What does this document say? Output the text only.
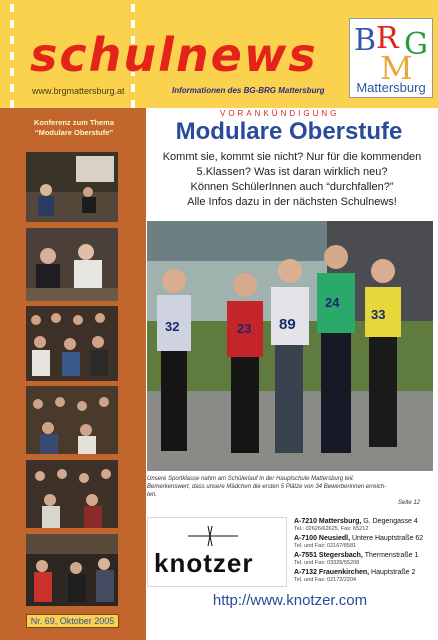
schulnews
www.brgmattersburg.at	Informationen des BG-BRG Mattersburg
B R G
M
Mattersburg
Konferenz zum Thema “Modulare Oberstufe”
Nr. 69, Oktober 2005
VORANKÜNDIGUNG
Modulare Oberstufe
Kommt sie, kommt sie nicht? Nur für die kommenden
5.Klassen? Was ist daran wirklich neu?
Können SchülerInnen auch “durchfallen?”
Alle Infos dazu in der nächsten Schulnews!
32	23 89
24
33
Unsere Sportklasse nahm am Schülerlauf in der Hauptschule Mattersburg teil.
Bemerkenswert, dass unsere Mädchen die ersten 5 Plätze von 34 Bewerberinnen erreich-
ten.
Seite 12
knotzer
A-7210 Mattersburg, G. Degengasse 4
Tel.: 02626/62625, Fax: 65212
A-7100 Neusiedl, Untere Hauptstraße 62
Tel. und Fax: 02167/8581
A-7551 Stegersbach, Thermenstraße 1
Tel. und Fax: 03326/55208
A-7132 Frauenkirchen, Hauptstraße 2
Tel. und Fax: 02172/2204
http://www.knotzer.com
